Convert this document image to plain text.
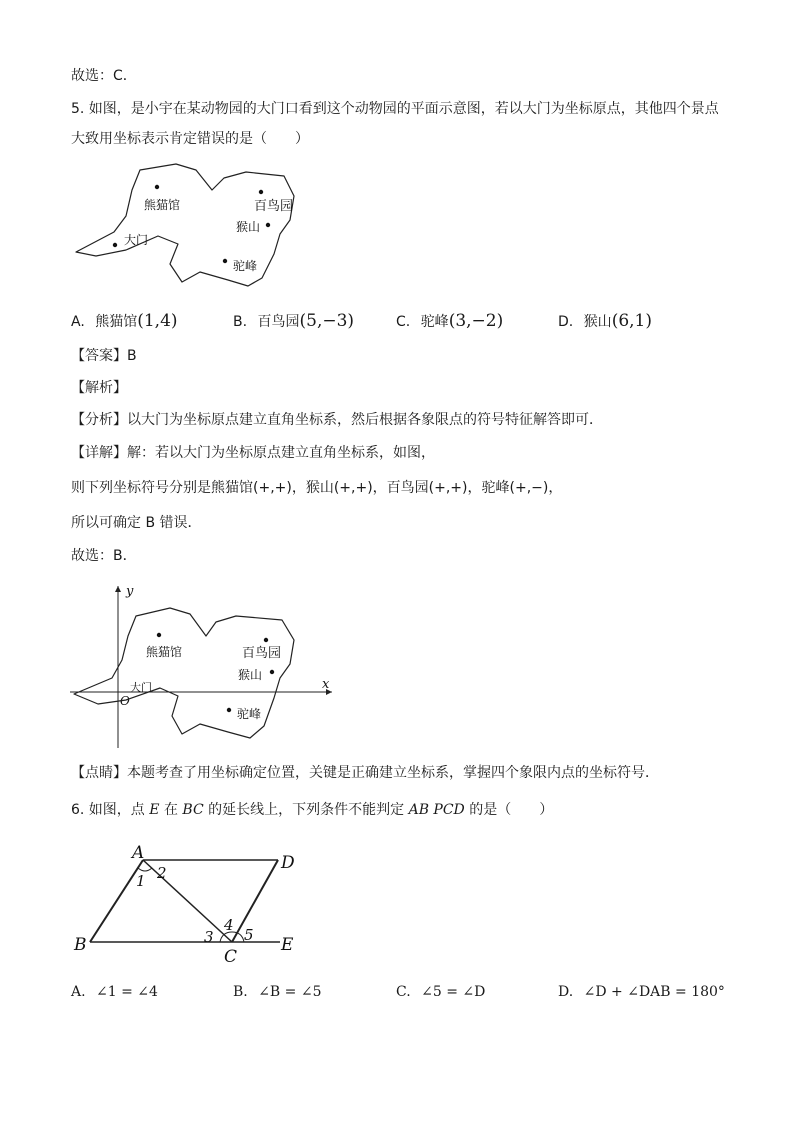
故选：C．
5. 如图，是小宇在某动物园的大门口看到这个动物园的平面示意图，若以大门为坐标原点，其他四个景点
大致用坐标表示肯定错误的是（　　）
熊猫馆	百鸟园
猴山
大门
驼峰
A. 熊猫馆(1,4)	B. 百鸟园(5,−3)	C. 驼峰(3,−2)	D. 猴山(6,1)
【答案】B
【解析】
【分析】以大门为坐标原点建立直角坐标系，然后根据各象限点的符号特征解答即可．
【详解】解：若以大门为坐标原点建立直角坐标系，如图，
则下列坐标符号分别是熊猫馆(+,+)，猴山(+,+)，百鸟园(+,+)，驼峰(+,−)，
所以可确定 B 错误．
故选：B．
x
y
O
熊猫馆	百鸟园
猴山
大门
驼峰
【点睛】本题考查了用坐标确定位置，关键是正确建立坐标系，掌握四个象限内点的坐标符号．
6. 如图，点 E 在 BC 的延长线上，下列条件不能判定 AB PCD 的是（　　）
A	D
B
C
E
1 2
3
4
5
A. ∠1 = ∠4	B. ∠B = ∠5	C. ∠5 = ∠D	D. ∠D + ∠DAB = 180°
